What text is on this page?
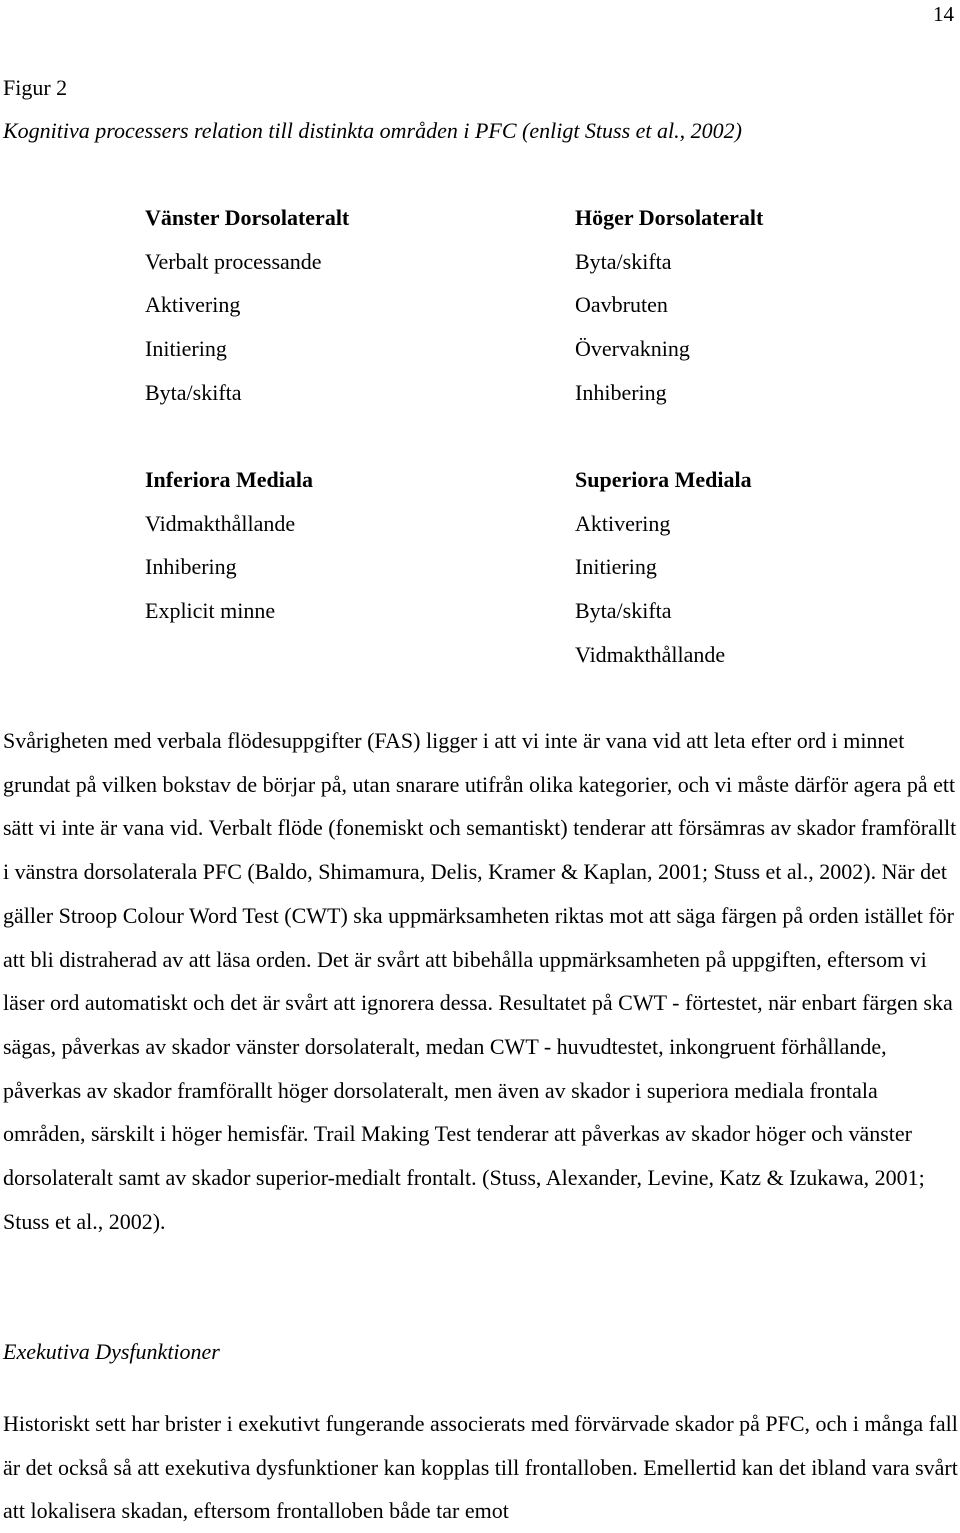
14
Figur 2
Kognitiva processers relation till distinkta områden i PFC (enligt Stuss et al., 2002)
Vänster Dorsolateralt
Verbalt processande
Aktivering
Initiering
Byta/skifta
Höger Dorsolateralt
Byta/skifta
Oavbruten
Övervakning
Inhibering
Inferiora Mediala
Vidmakthållande
Inhibering
Explicit minne
Superiora Mediala
Aktivering
Initiering
Byta/skifta
Vidmakthållande

Svårigheten med verbala flödesuppgifter (FAS) ligger i att vi inte är vana vid att leta efter ord i minnet grundat på vilken bokstav de börjar på, utan snarare utifrån olika kategorier, och vi måste därför agera på ett sätt vi inte är vana vid. Verbalt flöde (fonemiskt och semantiskt) tenderar att försämras av skador framförallt i vänstra dorsolaterala PFC (Baldo, Shimamura, Delis, Kramer & Kaplan, 2001; Stuss et al., 2002). När det gäller Stroop Colour Word Test (CWT) ska uppmärksamheten riktas mot att säga färgen på orden istället för att bli distraherad av att läsa orden. Det är svårt att bibehålla uppmärksamheten på uppgiften, eftersom vi läser ord automatiskt och det är svårt att ignorera dessa. Resultatet på CWT - förtestet, när enbart färgen ska sägas, påverkas av skador vänster dorsolateralt, medan CWT - huvudtestet, inkongruent förhållande, påverkas av skador framförallt höger dorsolateralt, men även av skador i superiora mediala frontala områden, särskilt i höger hemisfär. Trail Making Test tenderar att påverkas av skador höger och vänster dorsolateralt samt av skador superior-medialt frontalt. (Stuss, Alexander, Levine, Katz & Izukawa, 2001; Stuss et al., 2002).

Exekutiva Dysfunktioner

Historiskt sett har brister i exekutivt fungerande associerats med förvärvade skador på PFC, och i många fall är det också så att exekutiva dysfunktioner kan kopplas till frontalloben. Emellertid kan det ibland vara svårt att lokalisera skadan, eftersom frontalloben både tar emot
